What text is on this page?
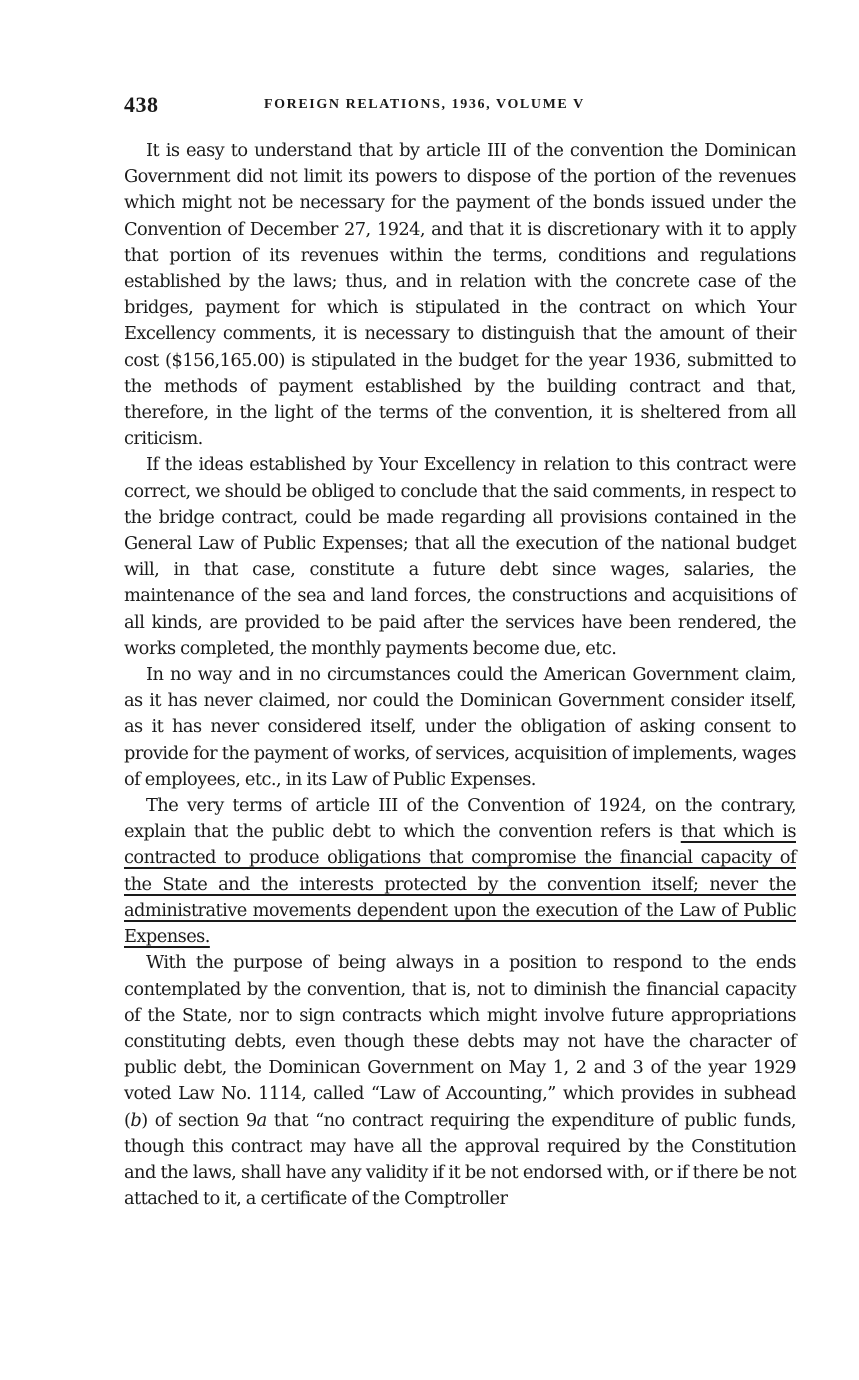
438	FOREIGN RELATIONS, 1936, VOLUME V

It is easy to understand that by article III of the convention the Dominican Government did not limit its powers to dispose of the portion of the revenues which might not be necessary for the payment of the bonds issued under the Convention of December 27, 1924, and that it is discretionary with it to apply that portion of its revenues within the terms, conditions and regulations established by the laws; thus, and in relation with the concrete case of the bridges, payment for which is stipulated in the contract on which Your Excellency comments, it is necessary to distinguish that the amount of their cost ($156,165.00) is stipulated in the budget for the year 1936, submitted to the methods of payment established by the building contract and that, therefore, in the light of the terms of the convention, it is sheltered from all criticism.

If the ideas established by Your Excellency in relation to this contract were correct, we should be obliged to conclude that the said comments, in respect to the bridge contract, could be made regarding all provisions contained in the General Law of Public Expenses; that all the execution of the national budget will, in that case, constitute a future debt since wages, salaries, the maintenance of the sea and land forces, the constructions and acquisitions of all kinds, are provided to be paid after the services have been rendered, the works completed, the monthly payments become due, etc.

In no way and in no circumstances could the American Government claim, as it has never claimed, nor could the Dominican Government consider itself, as it has never considered itself, under the obligation of asking consent to provide for the payment of works, of services, acquisition of implements, wages of employees, etc., in its Law of Public Expenses.

The very terms of article III of the Convention of 1924, on the contrary, explain that the public debt to which the convention refers is that which is contracted to produce obligations that compromise the financial capacity of the State and the interests protected by the convention itself; never the administrative movements dependent upon the execution of the Law of Public Expenses.

With the purpose of being always in a position to respond to the ends contemplated by the convention, that is, not to diminish the financial capacity of the State, nor to sign contracts which might involve future appropriations constituting debts, even though these debts may not have the character of public debt, the Dominican Government on May 1, 2 and 3 of the year 1929 voted Law No. 1114, called “Law of Accounting,” which provides in subhead (b) of section 9a that “no contract requiring the expenditure of public funds, though this contract may have all the approval required by the Constitution and the laws, shall have any validity if it be not endorsed with, or if there be not attached to it, a certificate of the Comptroller
